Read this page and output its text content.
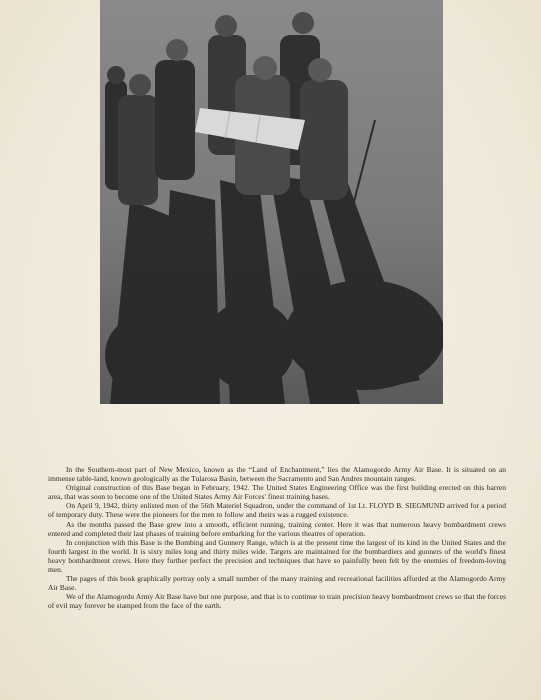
In the Southern-most part of New Mexico, known as the “Land of Enchantment,” lies the Alamogordo Army Air Base. It is situated on an immense table-land, known geologically as the Tularosa Basin, between the Sacramento and San Andres mountain ranges.

Original construction of this Base began in February, 1942. The United States Engineering Office was the first building erected on this barren area, that was soon to become one of the United States Army Air Forces' finest training bases.

On April 9, 1942, thirty enlisted men of the 56th Materiel Squadron, under the command of 1st Lt. FLOYD B. SIEGMUND arrived for a period of temporary duty. These were the pioneers for the men to follow and theirs was a rugged existence.

As the months passed the Base grew into a smooth, efficient running, training center. Here it was that numerous heavy bombardment crews entered and completed their last phases of training before embarking for the various theatres of operation.

In conjunction with this Base is the Bombing and Gunnery Range, which is at the present time the largest of its kind in the United States and the fourth largest in the world. It is sixty miles long and thirty miles wide. Targets are maintained for the bombardiers and gunners of the world's finest heavy bombardment crews. Here they further perfect the precision and techniques that have so painfully been felt by the enemies of freedom-loving men.

The pages of this book graphically portray only a small number of the many training and recreational facilities afforded at the Alamogordo Army Air Base.

We of the Alamogordo Army Air Base have but one purpose, and that is to continue to train precision heavy bombardment crews so that the forces of evil may forever be stamped from the face of the earth.
